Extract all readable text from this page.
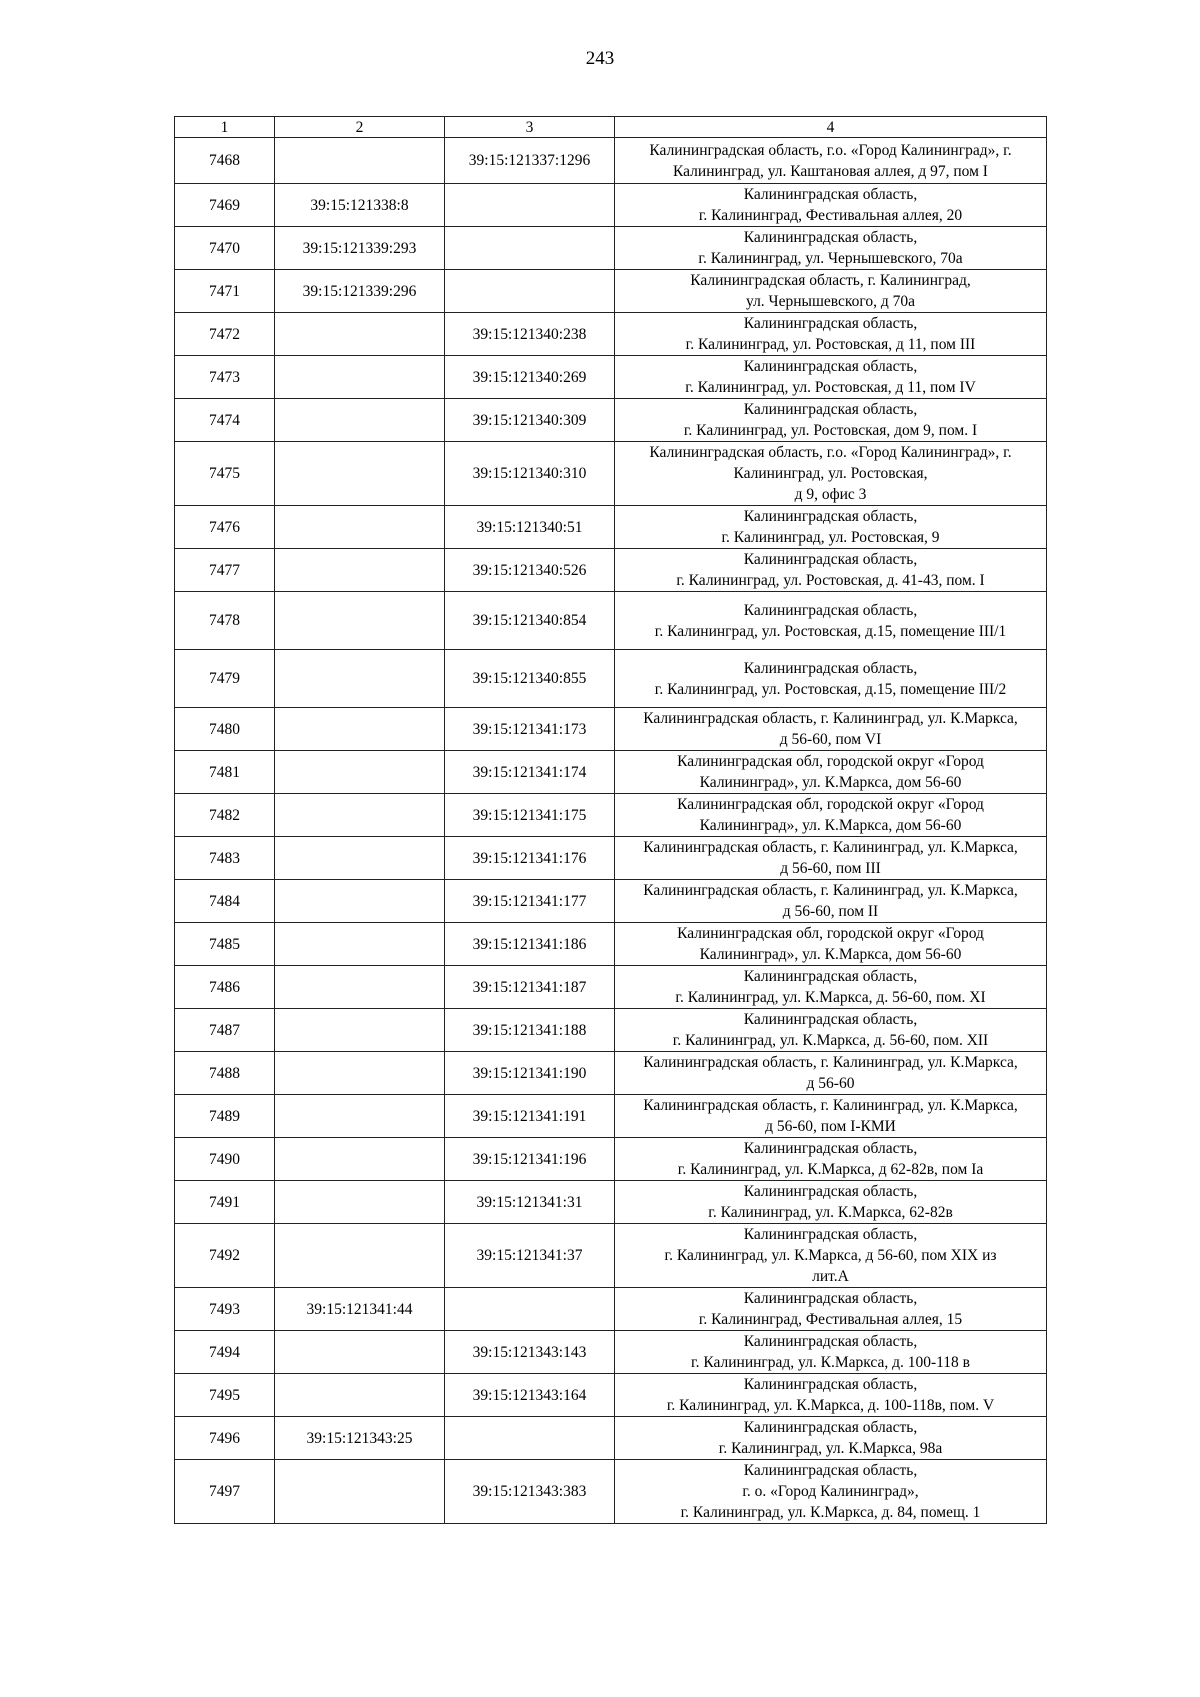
243
1	2	3	4
7468		39:15:121337:1296	Калининградская область, г.о. «Город Калининград», г.
Калининград, ул. Каштановая аллея, д 97, пом I
7469	39:15:121338:8		Калининградская область,
г. Калининград, Фестивальная аллея, 20
7470	39:15:121339:293		Калининградская область,
г. Калининград, ул. Чернышевского, 70а
7471	39:15:121339:296		Калининградская область, г. Калининград,
ул. Чернышевского, д 70а
7472		39:15:121340:238	Калининградская область,
г. Калининград, ул. Ростовская, д 11, пом III
7473		39:15:121340:269	Калининградская область,
г. Калининград, ул. Ростовская, д 11, пом IV
7474		39:15:121340:309	Калининградская область,
г. Калининград, ул. Ростовская, дом 9, пом. I
7475		39:15:121340:310	Калининградская область, г.о. «Город Калининград», г.
Калининград, ул. Ростовская,
д 9, офис 3
7476		39:15:121340:51	Калининградская область,
г. Калининград, ул. Ростовская, 9
7477		39:15:121340:526	Калининградская область,
г. Калининград, ул. Ростовская, д. 41-43, пом. I
7478		39:15:121340:854	Калининградская область,
г. Калининград, ул. Ростовская, д.15, помещение III/1
7479		39:15:121340:855	Калининградская область,
г. Калининград, ул. Ростовская, д.15, помещение III/2
7480		39:15:121341:173	Калининградская область, г. Калининград, ул. К.Маркса,
д 56-60, пом VI
7481		39:15:121341:174	Калининградская обл, городской округ «Город
Калининград», ул. К.Маркса, дом 56-60
7482		39:15:121341:175	Калининградская обл, городской округ «Город
Калининград», ул. К.Маркса, дом 56-60
7483		39:15:121341:176	Калининградская область, г. Калининград, ул. К.Маркса,
д 56-60, пом III
7484		39:15:121341:177	Калининградская область, г. Калининград, ул. К.Маркса,
д 56-60, пом II
7485		39:15:121341:186	Калининградская обл, городской округ «Город
Калининград», ул. К.Маркса, дом 56-60
7486		39:15:121341:187	Калининградская область,
г. Калининград, ул. К.Маркса, д. 56-60, пом. XI
7487		39:15:121341:188	Калининградская область,
г. Калининград, ул. К.Маркса, д. 56-60, пом. XII
7488		39:15:121341:190	Калининградская область, г. Калининград, ул. К.Маркса,
д 56-60
7489		39:15:121341:191	Калининградская область, г. Калининград, ул. К.Маркса,
д 56-60, пом I-КМИ
7490		39:15:121341:196	Калининградская область,
г. Калининград, ул. К.Маркса, д 62-82в, пом Iа
7491		39:15:121341:31	Калининградская область,
г. Калининград, ул. К.Маркса, 62-82в
7492		39:15:121341:37	Калининградская область,
г. Калининград, ул. К.Маркса, д 56-60, пом XIX из
лит.А
7493	39:15:121341:44		Калининградская область,
г. Калининград, Фестивальная аллея, 15
7494		39:15:121343:143	Калининградская область,
г. Калининград, ул. К.Маркса, д. 100-118 в
7495		39:15:121343:164	Калининградская область,
г. Калининград, ул. К.Маркса, д. 100-118в, пом. V
7496	39:15:121343:25		Калининградская область,
г. Калининград, ул. К.Маркса, 98а
7497		39:15:121343:383	Калининградская область,
г. о. «Город Калининград»,
г. Калининград, ул. К.Маркса, д. 84, помещ. 1
